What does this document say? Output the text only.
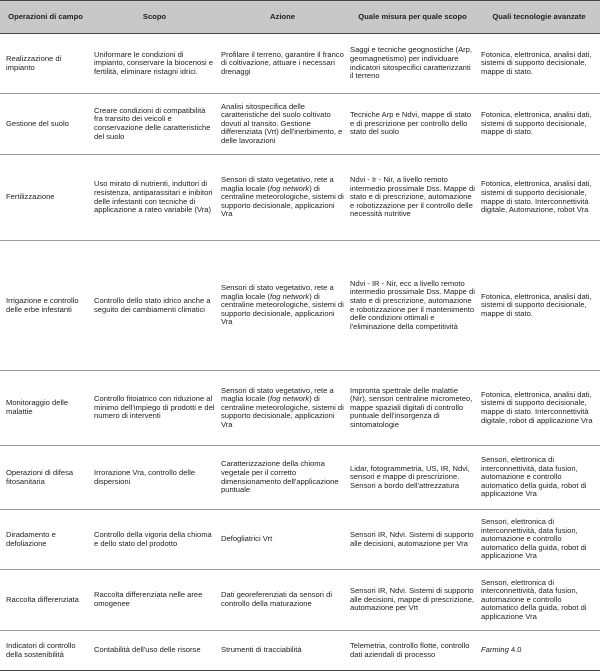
Operazioni di campo	Scopo	Azione	Quale misura per quale scopo	Quali tecnologie avanzate
Realizzazione di impianto	Uniformare le condizioni di impianto, conservare la biocenosi e fertilità, eliminare ristagni idrici.	Profilare il terreno, garantire il franco di coltivazione, attuare i necessari drenaggi	Saggi e tecniche geognostiche (Arp, geomagnetismo) per individuare indicatori sitospecifici caratterizzanti il terreno	Fotonica, elettronica, analisi dati, sistemi di supporto decisionale, mappe di stato.
Gestione del suolo	Creare condizioni di compatibilità fra transito dei veicoli e conservazione delle caratteristiche del suolo	Analisi sitospecifica delle caratteristiche del suolo coltivato dovuti al transito. Gestione differenziata (Vrt) dell'inerbimento, e delle lavorazioni	Tecniche Arp e Ndvi, mappe di stato e di prescrizione per controllo dello stato del suolo	Fotonica, elettronica, analisi dati, sistemi di supporto decisionale, mappe di stato.
Fertilizzazione	Uso mirato di nutrienti, induttori di resistenza, antiparassitari e inibitori delle infestanti con tecniche di applicazione a rateo variabile (Vra)	Sensori di stato vegetativo, rete a maglia locale (fog network) di centraline meteorologiche, sistemi di supporto decisionale, applicazioni Vra	Ndvi - Ir - Nir, a livello remoto intermedio prossimale Dss. Mappe di stato e di prescrizione, automazione e robotizzazione per il controllo delle necessità nutritive	Fotonica, elettronica, analisi dati, sistemi di supporto decisionale, mappe di stato. Interconnettività digitale, Automazione, robot Vra
Irrigazione e controllo delle erbe infestanti	Controllo dello stato idrico anche a seguito dei cambiamenti climatici	Sensori di stato vegetativo, rete a maglia locale (fog network) di centraline meteorologiche, sistemi di supporto decisionale, applicazioni Vra	Ndvi - IR - Nir, ecc a livello remoto intermedio prossimale Dss. Mappe di stato e di prescrizione, automazione e robotizzazione per il mantenimento delle condizioni ottimali e l'eliminazione della competitività	Fotonica, elettronica, analisi dati, sistemi di supporto decisionale, mappe di stato.
Monitoraggio delle malattie	Controllo fitoiatrico con riduzione al minimo dell'impiego di prodotti e del numero di interventi	Sensori di stato vegetativo, rete a maglia locale (fog network) di centraline meteorologiche, sistemi di supporto decisionale, applicazioni Vra	Impronta spettrale delle malattie (Nir), sensori centraline micrometeo, mappe spaziali digitali di controllo puntuale dell'insorgenza di sintomatologie	Fotonica, elettronica, analisi dati, sistemi di supporto decisionale, mappe di stato. Interconnettività digitale, robot di applicazione Vra
Operazioni di difesa fitosanitaria	Irrorazione Vra, controllo delle dispersioni	Caratterizzazione della chioma vegetale per il corretto dimensionamento dell'applicazione puntuale	Lidar, fotogrammetria, US, IR, Ndvi, sensori e mappe di prescrizione. Sensori a bordo dell'attrezzatura	Sensori, elettronica di interconnettività, data fusion, automazione e controllo automatico della guida, robot di applicazione Vra
Diradamento e defoliazione	Controllo della vigoria della chioma e dello stato del prodotto	Defogliatrici Vrt	Sensori IR, Ndvi. Sistemi di supporto alle decisioni, automazione per Vra	Sensori, elettronica di interconnettività, data fusion, automazione e controllo automatico della guida, robot di applicazione Vra
Raccolta differenziata	Raccolta differenziata nelle aree omogenee	Dati georeferenziati da sensori di controllo della maturazione	Sensori IR, Ndvi. Sistemi di supporto alle decisioni, mappe di prescrizione, automazione per Vrt	Sensori, elettronica di interconnettività, data fusion, automazione e controllo automatico della guida, robot di applicazione Vra
Indicatori di controllo della sostenibilità	Contabilità dell'uso delle risorse	Strumenti di tracciabilità	Telemetria, controllo flotte, controllo dati aziendali di processo	Farming 4.0
